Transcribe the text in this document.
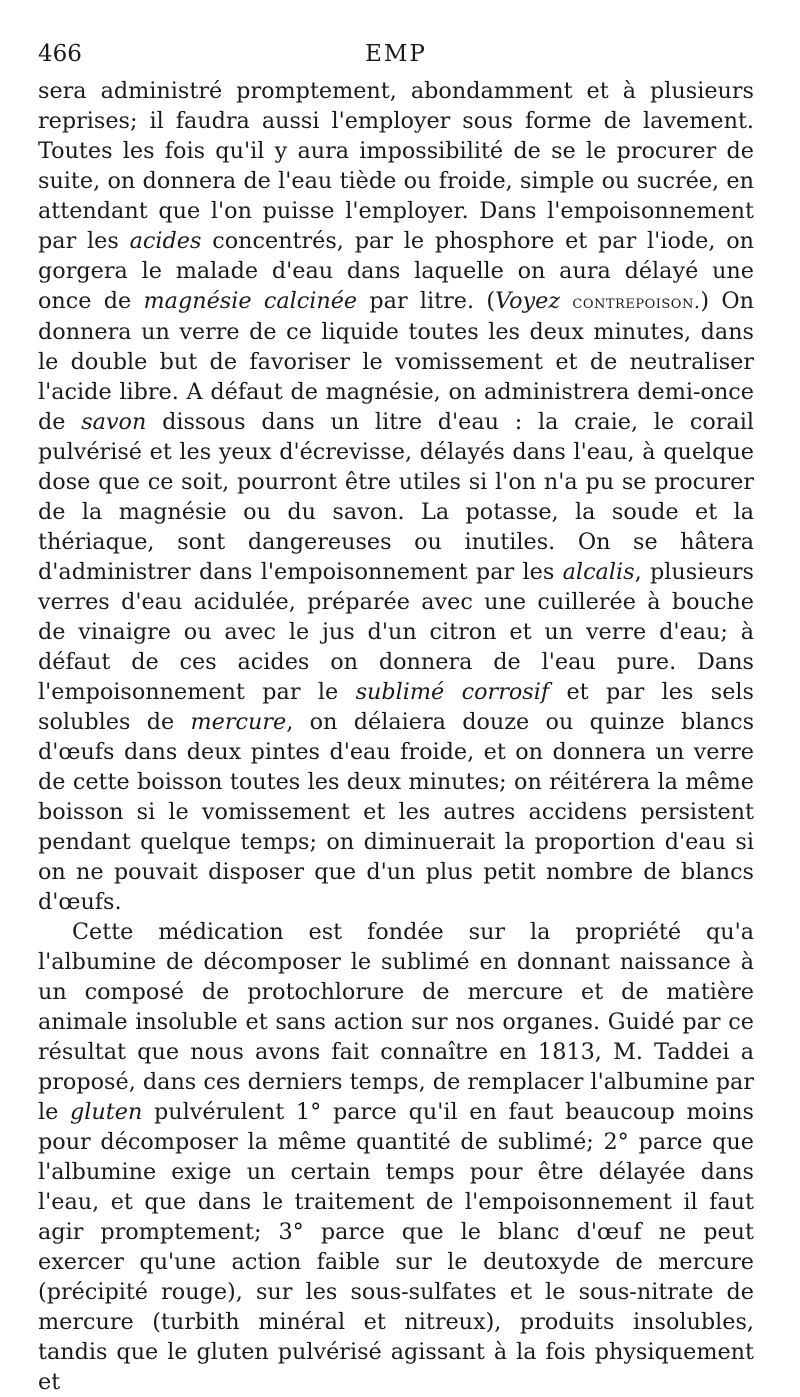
466	EMP

sera administré promptement, abondamment et à plusieurs reprises; il faudra aussi l'employer sous forme de lavement. Toutes les fois qu'il y aura impossibilité de se le procurer de suite, on donnera de l'eau tiède ou froide, simple ou sucrée, en attendant que l'on puisse l'employer. Dans l'empoisonnement par les acides concentrés, par le phosphore et par l'iode, on gorgera le malade d'eau dans laquelle on aura délayé une once de magnésie calcinée par litre. (Voyez contrepoison.) On donnera un verre de ce liquide toutes les deux minutes, dans le double but de favoriser le vomissement et de neutraliser l'acide libre. A défaut de magnésie, on administrera demi-once de savon dissous dans un litre d'eau : la craie, le corail pulvérisé et les yeux d'écrevisse, délayés dans l'eau, à quelque dose que ce soit, pourront être utiles si l'on n'a pu se procurer de la magnésie ou du savon. La potasse, la soude et la thériaque, sont dangereuses ou inutiles. On se hâtera d'administrer dans l'empoisonnement par les alcalis, plusieurs verres d'eau acidulée, préparée avec une cuillerée à bouche de vinaigre ou avec le jus d'un citron et un verre d'eau; à défaut de ces acides on donnera de l'eau pure. Dans l'empoisonnement par le sublimé corrosif et par les sels solubles de mercure, on délaiera douze ou quinze blancs d'œufs dans deux pintes d'eau froide, et on donnera un verre de cette boisson toutes les deux minutes; on réitérera la même boisson si le vomissement et les autres accidens persistent pendant quelque temps; on diminuerait la proportion d'eau si on ne pouvait disposer que d'un plus petit nombre de blancs d'œufs.

Cette médication est fondée sur la propriété qu'a l'albumine de décomposer le sublimé en donnant naissance à un composé de protochlorure de mercure et de matière animale insoluble et sans action sur nos organes. Guidé par ce résultat que nous avons fait connaître en 1813, M. Taddei a proposé, dans ces derniers temps, de remplacer l'albumine par le gluten pulvérulent 1° parce qu'il en faut beaucoup moins pour décomposer la même quantité de sublimé; 2° parce que l'albumine exige un certain temps pour être délayée dans l'eau, et que dans le traitement de l'empoisonnement il faut agir promptement; 3° parce que le blanc d'œuf ne peut exercer qu'une action faible sur le deutoxyde de mercure (précipité rouge), sur les sous-sulfates et le sous-nitrate de mercure (turbith minéral et nitreux), produits insolubles, tandis que le gluten pulvérisé agissant à la fois physiquement et
